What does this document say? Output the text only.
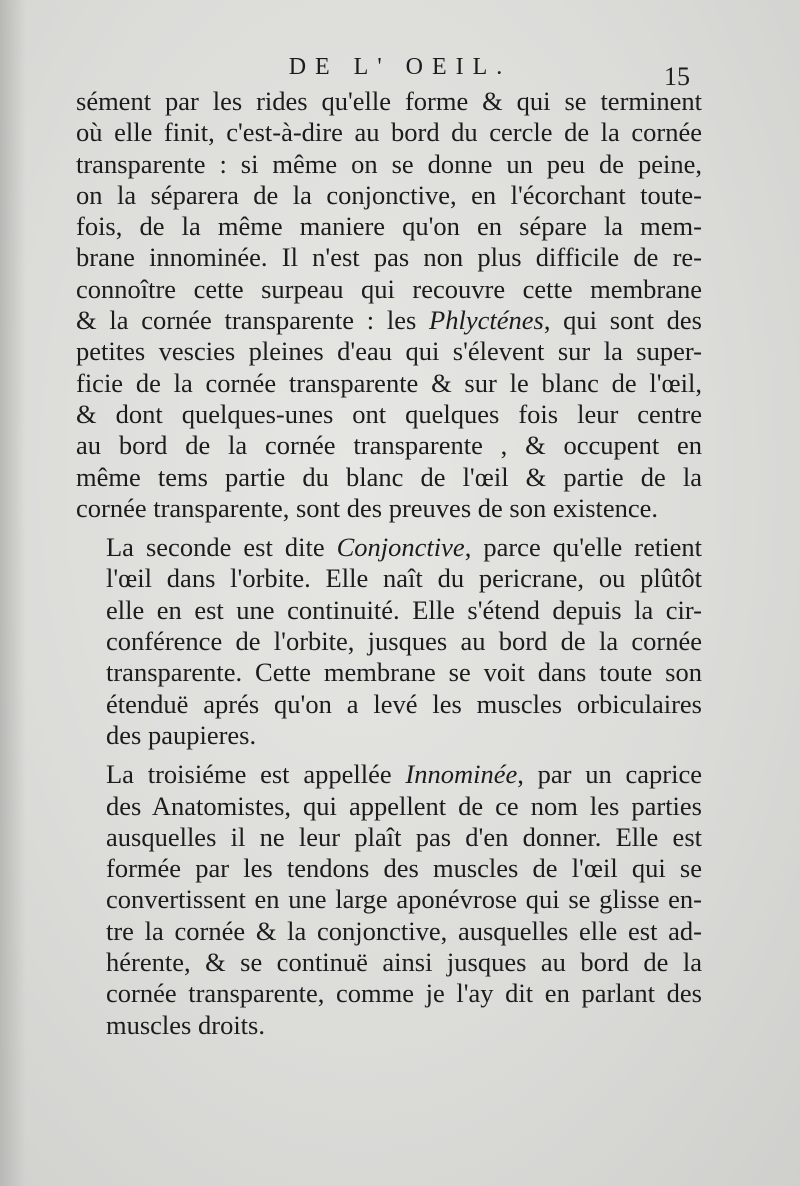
DE L' OEIL.	15

sément par les rides qu'elle forme & qui se terminent
où elle finit, c'est-à-dire au bord du cercle de la cornée
transparente : si même on se donne un peu de peine,
on la séparera de la conjonctive, en l'écorchant toute-
fois, de la même maniere qu'on en sépare la mem-
brane innominée. Il n'est pas non plus difficile de re-
connoître cette surpeau qui recouvre cette membrane
& la cornée transparente : les Phlycténes, qui sont des
petites vescies pleines d'eau qui s'élevent sur la super-
ficie de la cornée transparente & sur le blanc de l'œil,
& dont quelques-unes ont quelques fois leur centre
au bord de la cornée transparente , & occupent en
même tems partie du blanc de l'œil & partie de la
cornée transparente, sont des preuves de son existence.

La seconde est dite Conjonctive, parce qu'elle retient
l'œil dans l'orbite. Elle naît du pericrane, ou plûtôt
elle en est une continuité. Elle s'étend depuis la cir-
conférence de l'orbite, jusques au bord de la cornée
transparente. Cette membrane se voit dans toute son
étenduë aprés qu'on a levé les muscles orbiculaires
des paupieres.

La troisiéme est appellée Innominée, par un caprice
des Anatomistes, qui appellent de ce nom les parties
ausquelles il ne leur plaît pas d'en donner. Elle est
formée par les tendons des muscles de l'œil qui se
convertissent en une large aponévrose qui se glisse en-
tre la cornée & la conjonctive, ausquelles elle est ad-
hérente, & se continuë ainsi jusques au bord de la
cornée transparente, comme je l'ay dit en parlant des
muscles droits.
